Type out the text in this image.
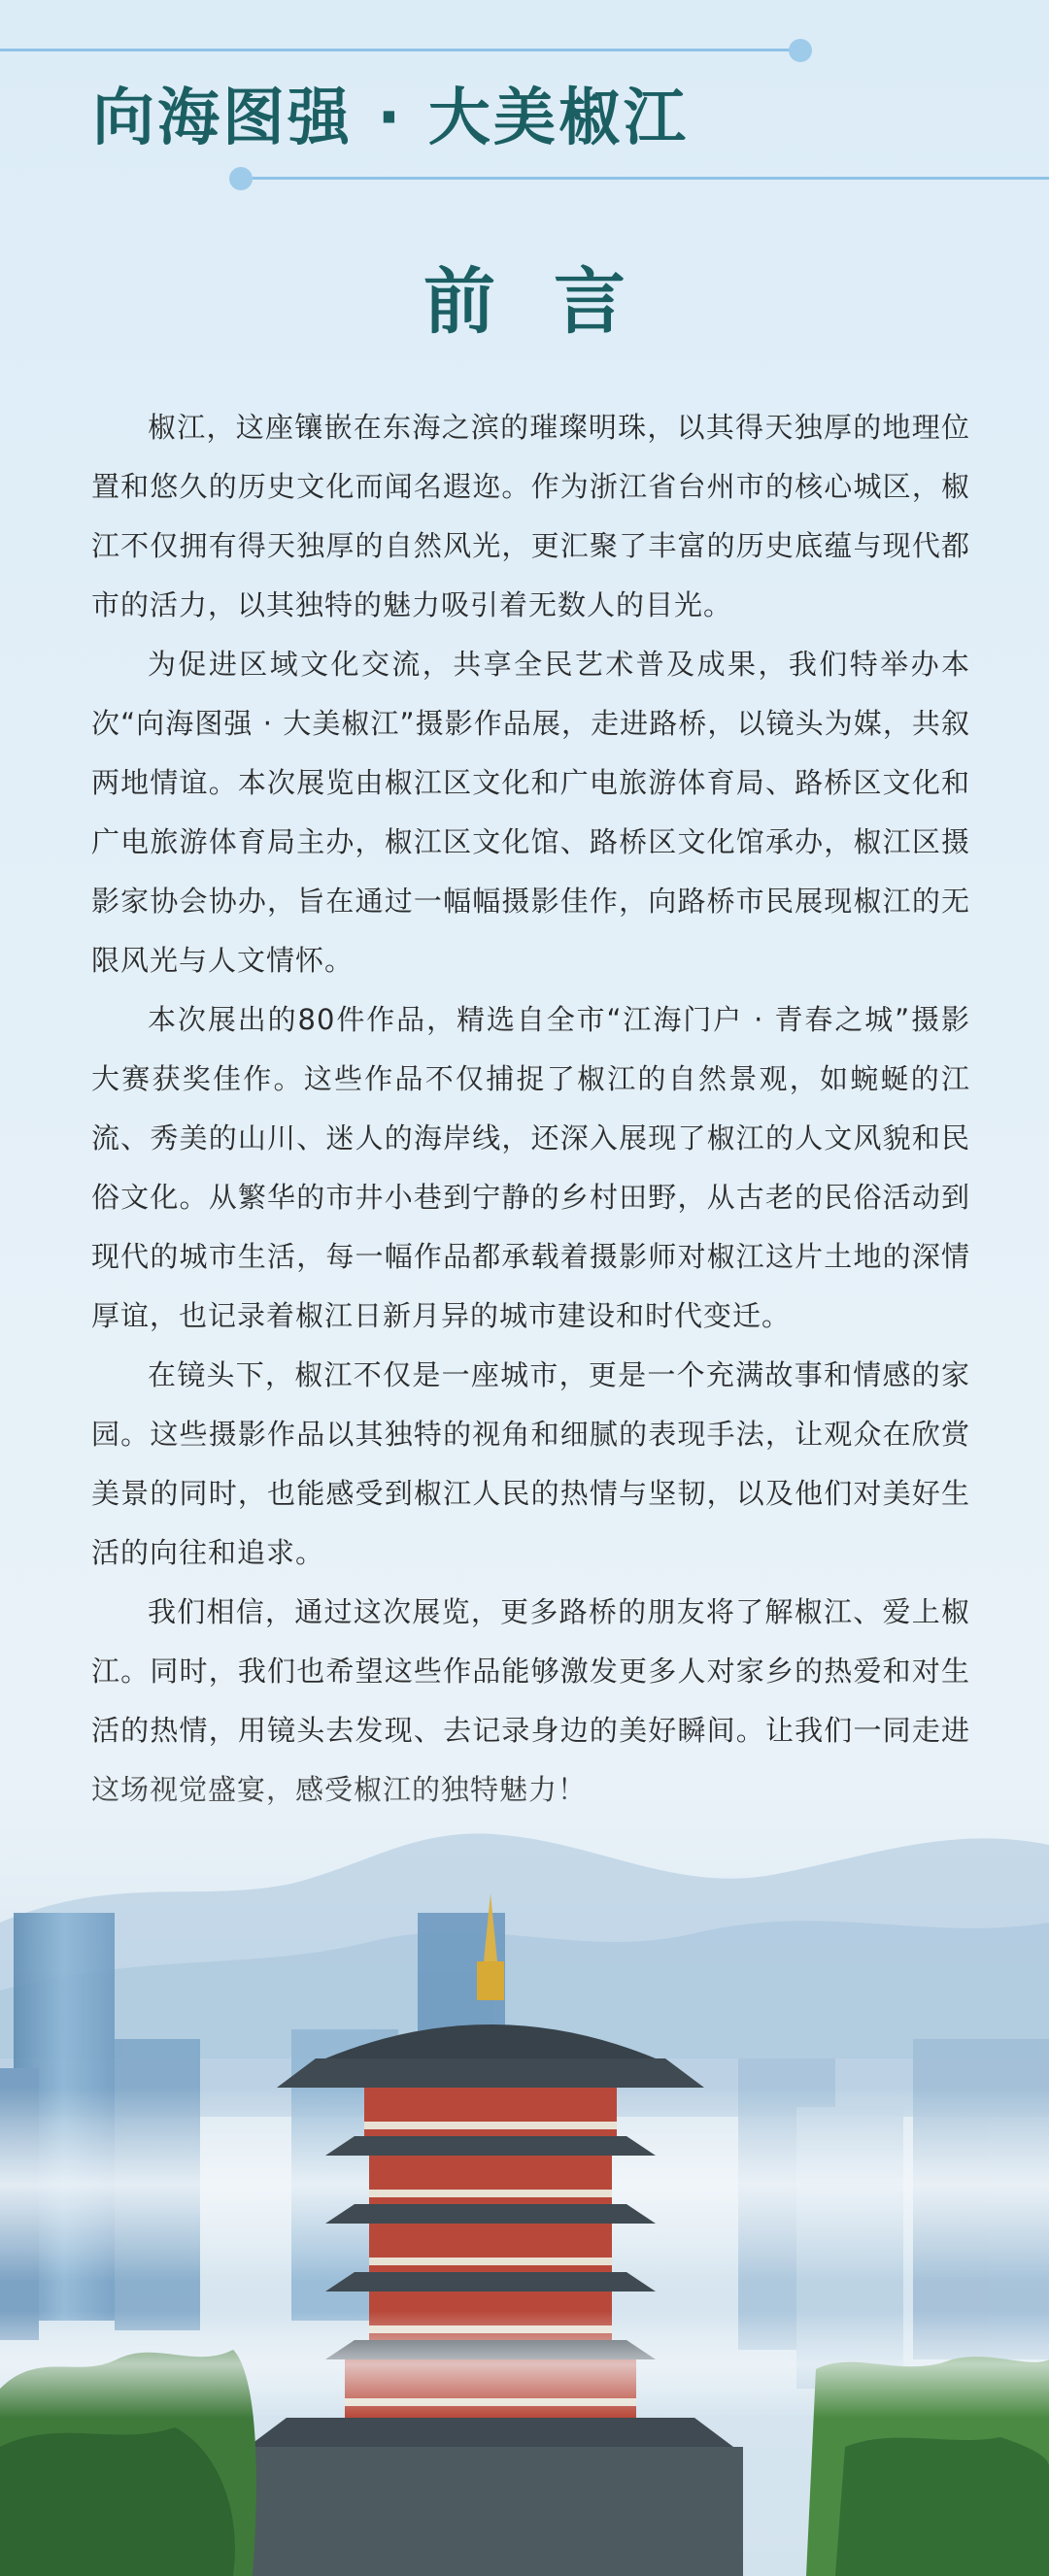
向海图强 · 大美椒江
前言

椒江，这座镶嵌在东海之滨的璀璨明珠，以其得天独厚的地理位置和悠久的历史文化而闻名遐迩。作为浙江省台州市的核心城区，椒江不仅拥有得天独厚的自然风光，更汇聚了丰富的历史底蕴与现代都市的活力，以其独特的魅力吸引着无数人的目光。

为促进区域文化交流，共享全民艺术普及成果，我们特举办本次“向海图强 · 大美椒江”摄影作品展，走进路桥，以镜头为媒，共叙两地情谊。本次展览由椒江区文化和广电旅游体育局、路桥区文化和广电旅游体育局主办，椒江区文化馆、路桥区文化馆承办，椒江区摄影家协会协办，旨在通过一幅幅摄影佳作，向路桥市民展现椒江的无限风光与人文情怀。

本次展出的80件作品，精选自全市“江海门户 · 青春之城”摄影大赛获奖佳作。这些作品不仅捕捉了椒江的自然景观，如蜿蜒的江流、秀美的山川、迷人的海岸线，还深入展现了椒江的人文风貌和民俗文化。从繁华的市井小巷到宁静的乡村田野，从古老的民俗活动到现代的城市生活，每一幅作品都承载着摄影师对椒江这片土地的深情厚谊，也记录着椒江日新月异的城市建设和时代变迁。

在镜头下，椒江不仅是一座城市，更是一个充满故事和情感的家园。这些摄影作品以其独特的视角和细腻的表现手法，让观众在欣赏美景的同时，也能感受到椒江人民的热情与坚韧，以及他们对美好生活的向往和追求。

我们相信，通过这次展览，更多路桥的朋友将了解椒江、爱上椒江。同时，我们也希望这些作品能够激发更多人对家乡的热爱和对生活的热情，用镜头去发现、去记录身边的美好瞬间。让我们一同走进
